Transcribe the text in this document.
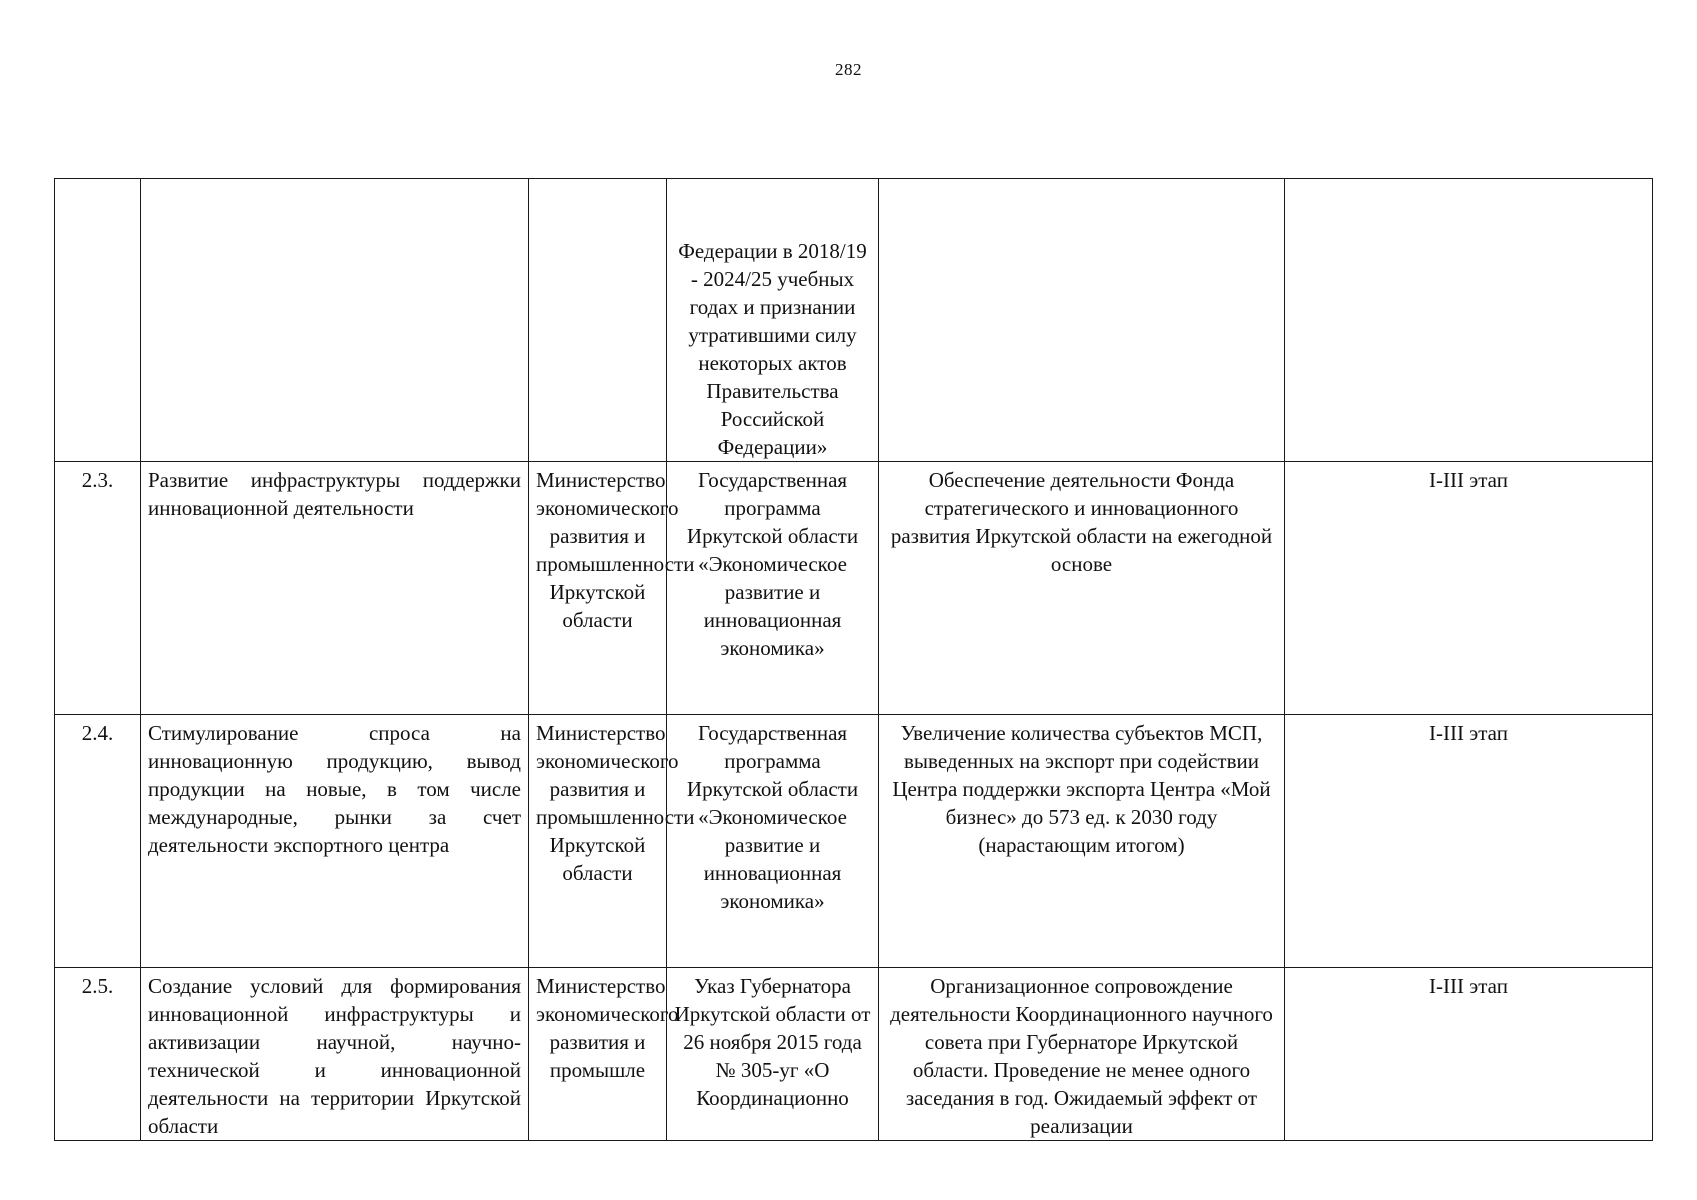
282
			Федерации в 2018/19 - 2024/25 учебных годах и признании утратившими силу некоторых актов Правительства Российской Федерации»		
2.3.	Развитие инфраструктуры поддержки инновационной деятельности	Министерство экономического развития и промышленности Иркутской области	Государственная программа Иркутской области «Экономическое развитие и инновационная экономика»	Обеспечение деятельности Фонда стратегического и инновационного развития Иркутской области на ежегодной основе	I-III этап
2.4.	Стимулирование спроса на инновационную продукцию, вывод продукции на новые, в том числе международные, рынки за счет деятельности экспортного центра	Министерство экономического развития и промышленности Иркутской области	Государственная программа Иркутской области «Экономическое развитие и инновационная экономика»	Увеличение количества субъектов МСП, выведенных на экспорт при содействии Центра поддержки экспорта Центра «Мой бизнес» до 573 ед. к 2030 году (нарастающим итогом)	I-III этап
2.5.	Создание условий для формирования инновационной инфраструктуры и активизации научной, научно-технической и инновационной деятельности на территории Иркутской области	Министерство экономического развития и промышле	Указ Губернатора Иркутской области от 26 ноября 2015 года № 305-уг «О Координационно	Организационное сопровождение деятельности Координационного научного совета при Губернаторе Иркутской области. Проведение не менее одного заседания в год. Ожидаемый эффект от реализации	I-III этап
